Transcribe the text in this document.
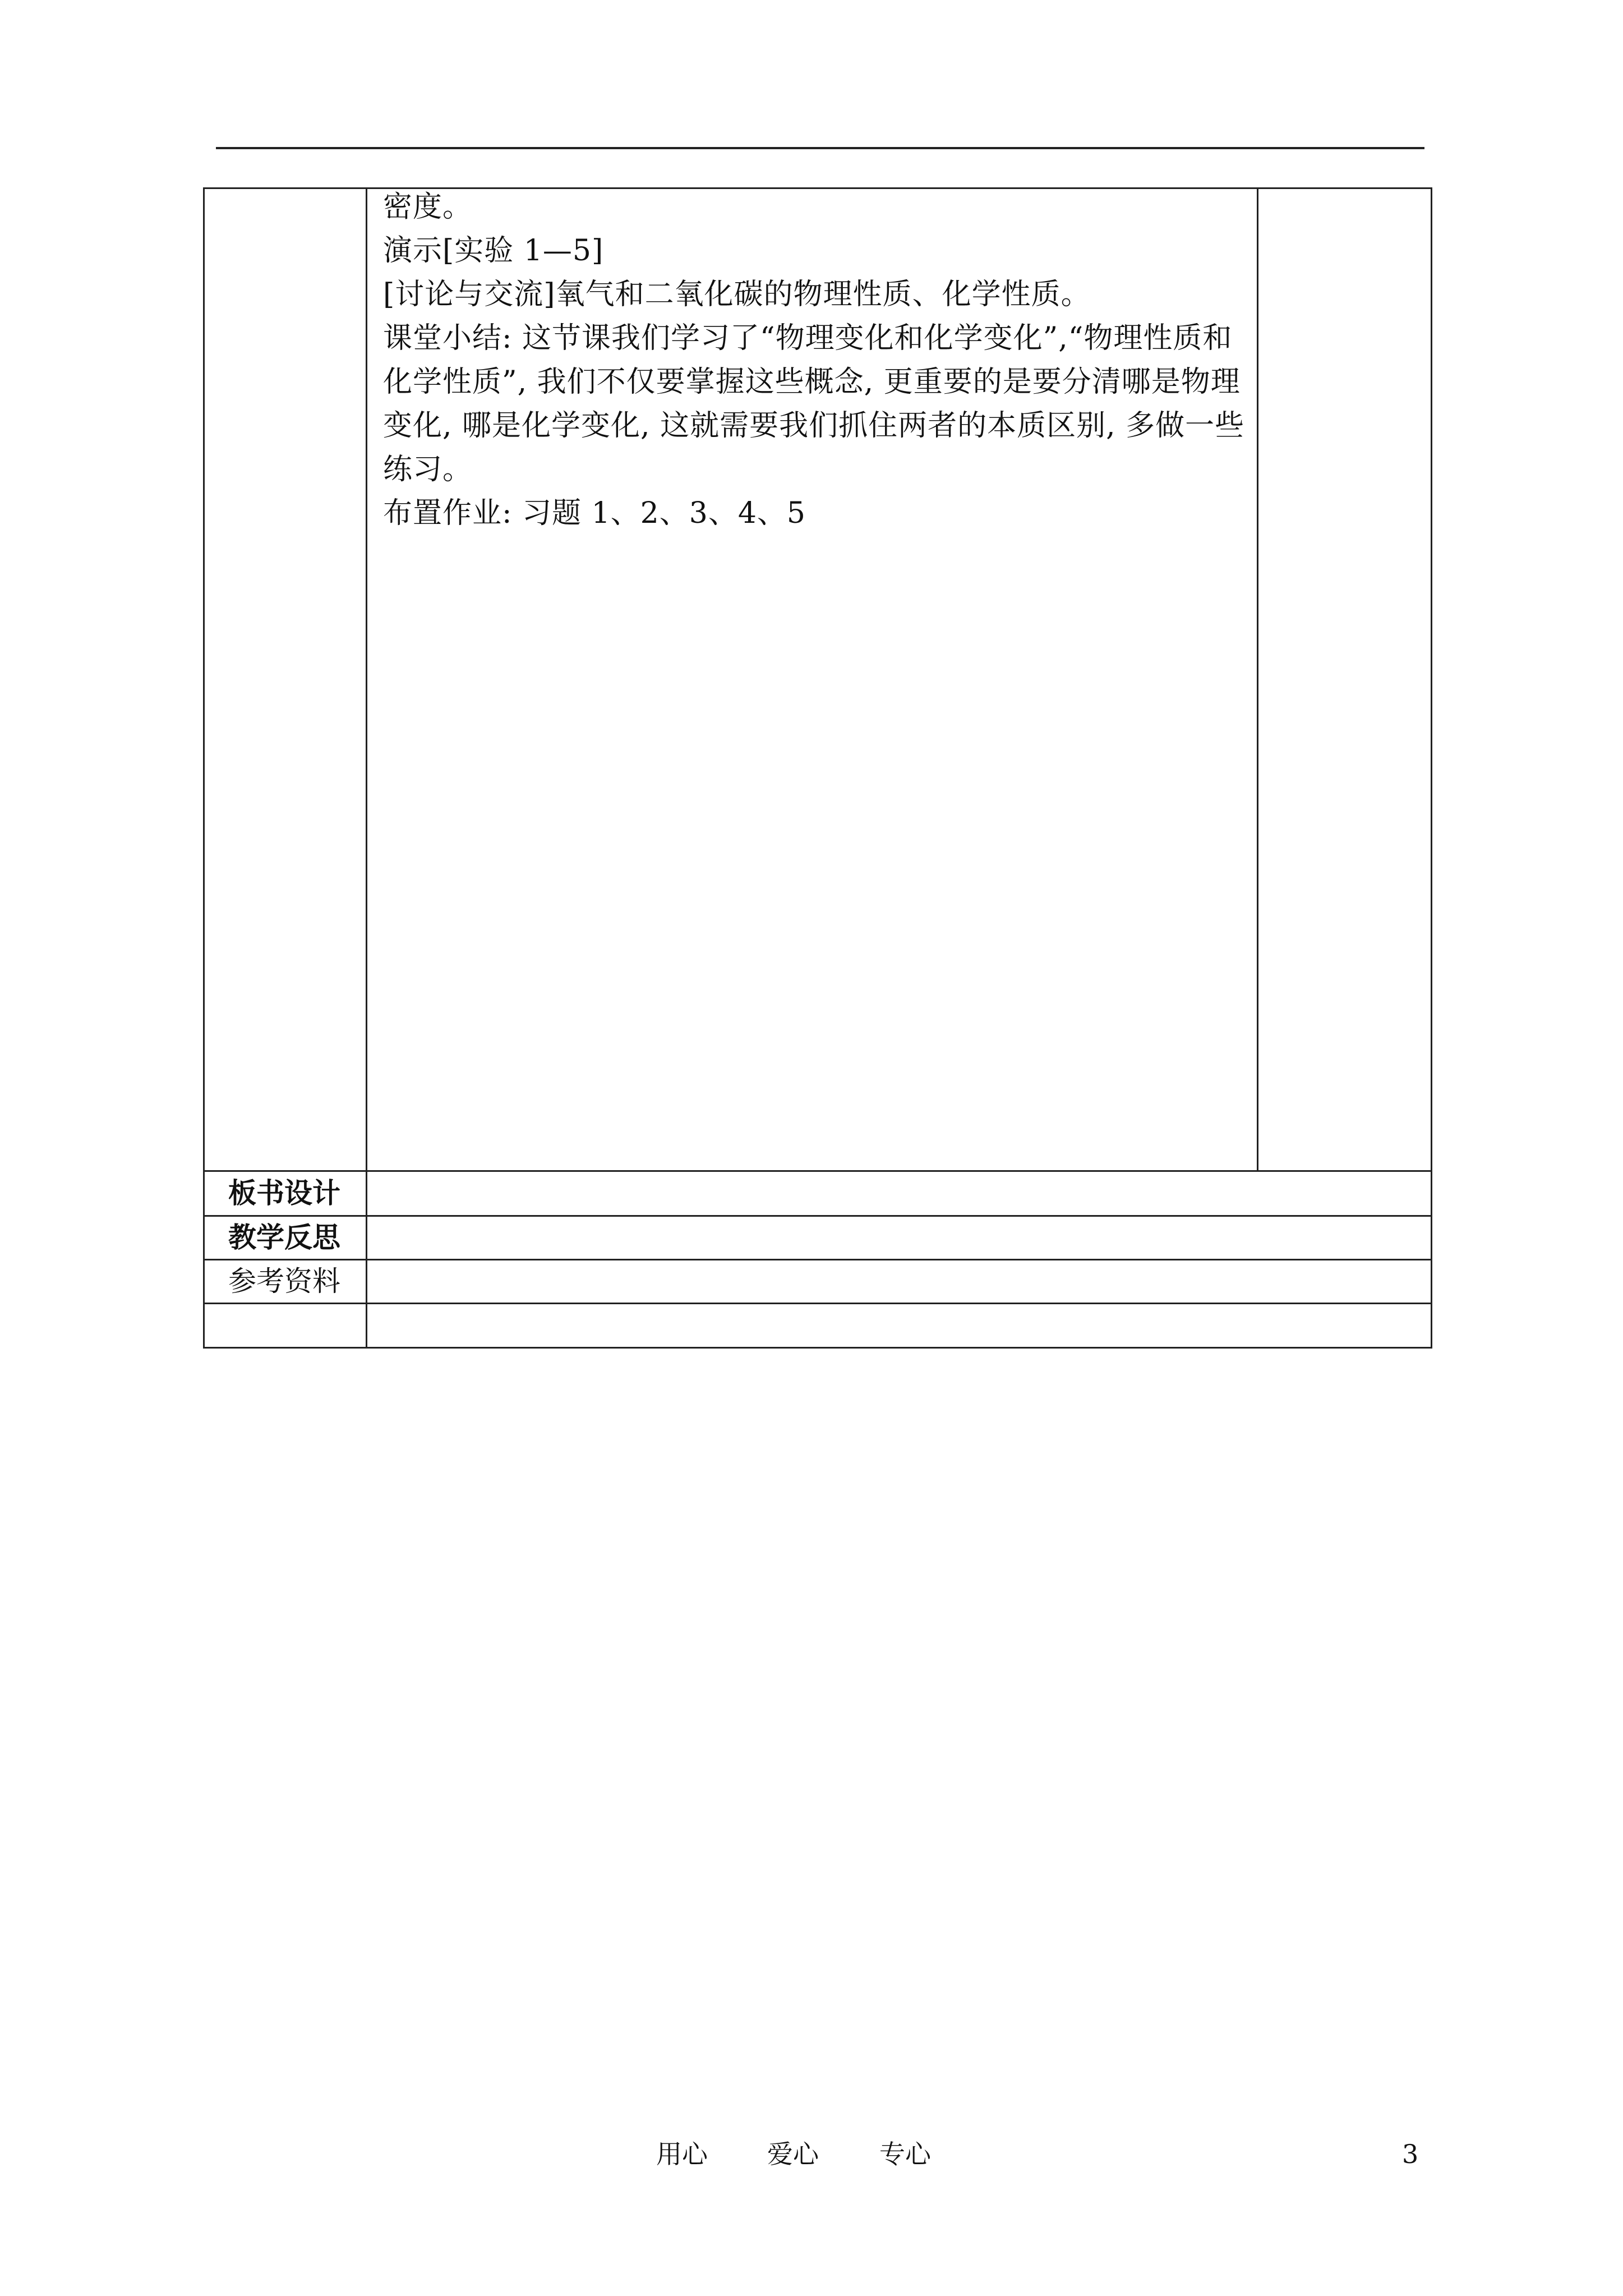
密度。

演示[实验 1—5]

[讨论与交流]氧气和二氧化碳的物理性质、化学性质。

课堂小结: 这节课我们学习了“物理变化和化学变化”,“物理性质和

化学性质”, 我们不仅要掌握这些概念, 更重要的是要分清哪是物理

变化, 哪是化学变化, 这就需要我们抓住两者的本质区别, 多做一些

练习。

布置作业: 习题 1、2、3、4、5

板书设计
教学反思
参考资料
用心 爱心 专心	3
